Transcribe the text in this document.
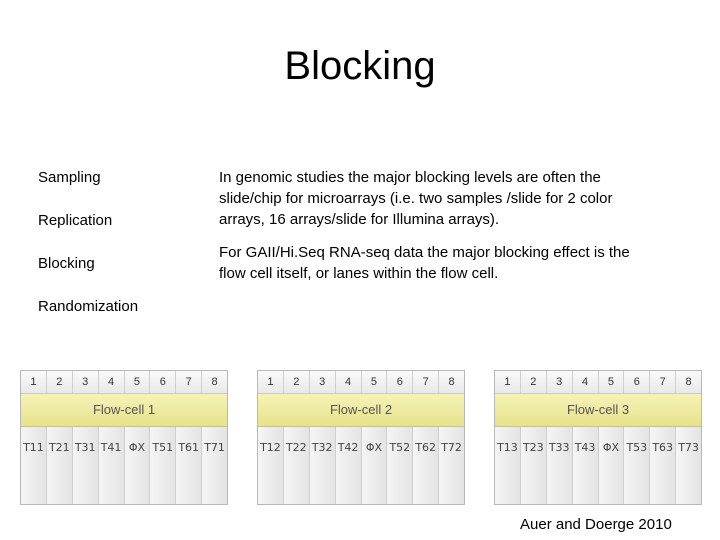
Blocking
Sampling
Replication
Blocking
Randomization

In genomic studies the major blocking levels are often the slide/chip for microarrays (i.e. two samples /slide for 2 color arrays, 16 arrays/slide for Illumina arrays).

For GAII/Hi.Seq RNA-seq data the major blocking effect is the flow cell itself, or lanes within the flow cell.

1	2	3	4	5	6	7	8
Flow-cell 1
T11 T21 T31 T41 ΦX T51 T61 T71
1	2	3	4	5	6	7	8
Flow-cell 2
T12 T22 T32 T42 ΦX T52 T62 T72
1	2	3	4	5	6	7	8
Flow-cell 3
T13 T23 T33 T43 ΦX T53 T63 T73
Auer and Doerge 2010
